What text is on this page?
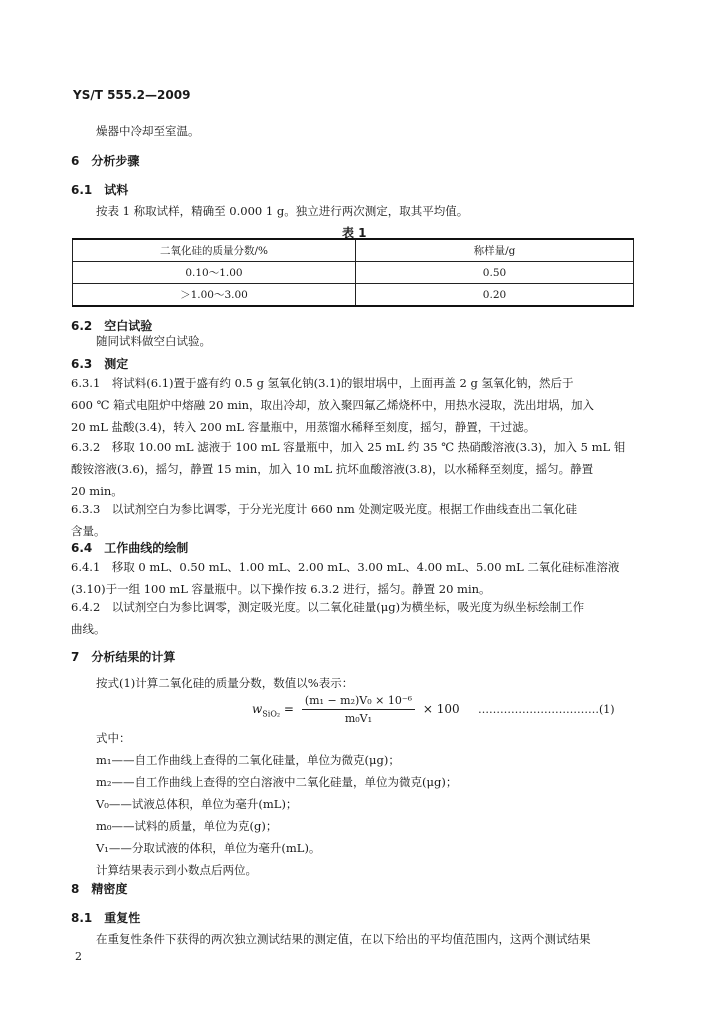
YS/T 555.2—2009
燥器中冷却至室温。
6　 分析步骤
6.1　 试料
按表 1 称取试样，精确至 0.000 1 g。独立进行两次测定，取其平均值。
表 1
二氧化硅的质量分数/%	称样量/g
0.10～1.00	0.50
＞1.00～3.00	0.20
6.2　 空白试验
随同试料做空白试验。
6.3　 测定
6.3.1　将试料(6.1)置于盛有约 0.5 g 氢氧化钠(3.1)的银坩埚中，上面再盖 2 g 氢氧化钠，然后于
600 ℃ 箱式电阻炉中熔融 20 min，取出冷却，放入聚四氟乙烯烧杯中，用热水浸取，洗出坩埚，加入
20 mL 盐酸(3.4)，转入 200 mL 容量瓶中，用蒸馏水稀释至刻度，摇匀，静置，干过滤。
6.3.2　移取 10.00 mL 滤液于 100 mL 容量瓶中，加入 25 mL 约 35 ℃ 热硝酸溶液(3.3)，加入 5 mL 钼
酸铵溶液(3.6)，摇匀，静置 15 min，加入 10 mL 抗坏血酸溶液(3.8)，以水稀释至刻度，摇匀。静置
20 min。
6.3.3　以试剂空白为参比调零，于分光光度计 660 nm 处测定吸光度。根据工作曲线查出二氧化硅
含量。
6.4　 工作曲线的绘制
6.4.1　移取 0 mL、0.50 mL、1.00 mL、2.00 mL、3.00 mL、4.00 mL、5.00 mL 二氧化硅标准溶液
(3.10)于一组 100 mL 容量瓶中。以下操作按 6.3.2 进行，摇匀。静置 20 min。
6.4.2　以试剂空白为参比调零，测定吸光度。以二氧化硅量(μg)为横坐标，吸光度为纵坐标绘制工作
曲线。
7　 分析结果的计算
按式(1)计算二氧化硅的质量分数，数值以%表示：
$w_{SiO_2} = \frac{\text{(m₁ − m₂)V₀ × 10⁻⁶}}{\text{m₀V₁}} \times 100$ ……………………………(1)
式中：
m₁——自工作曲线上查得的二氧化硅量，单位为微克(μg)；
m₂——自工作曲线上查得的空白溶液中二氧化硅量，单位为微克(μg)；
V₀——试液总体积，单位为毫升(mL)；
m₀——试料的质量，单位为克(g)；
V₁——分取试液的体积，单位为毫升(mL)。
计算结果表示到小数点后两位。
8　 精密度
8.1　 重复性
在重复性条件下获得的两次独立测试结果的测定值，在以下给出的平均值范围内，这两个测试结果
2
